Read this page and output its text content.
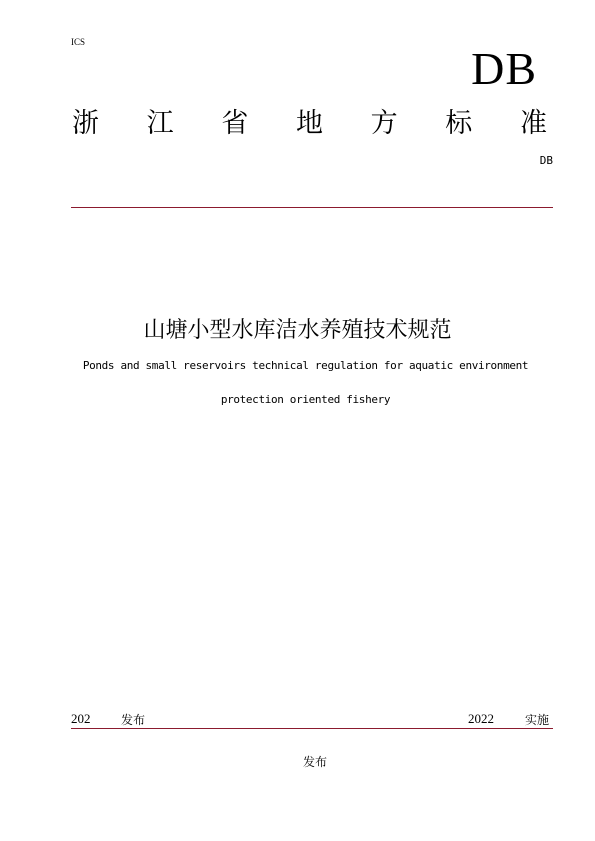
ICS
DB
浙 江 省 地 方 标 准
DB
山塘小型水库洁水养殖技术规范
Ponds and small reservoirs technical regulation for aquatic environment
protection oriented fishery
202	发布	2022	实施
发布
